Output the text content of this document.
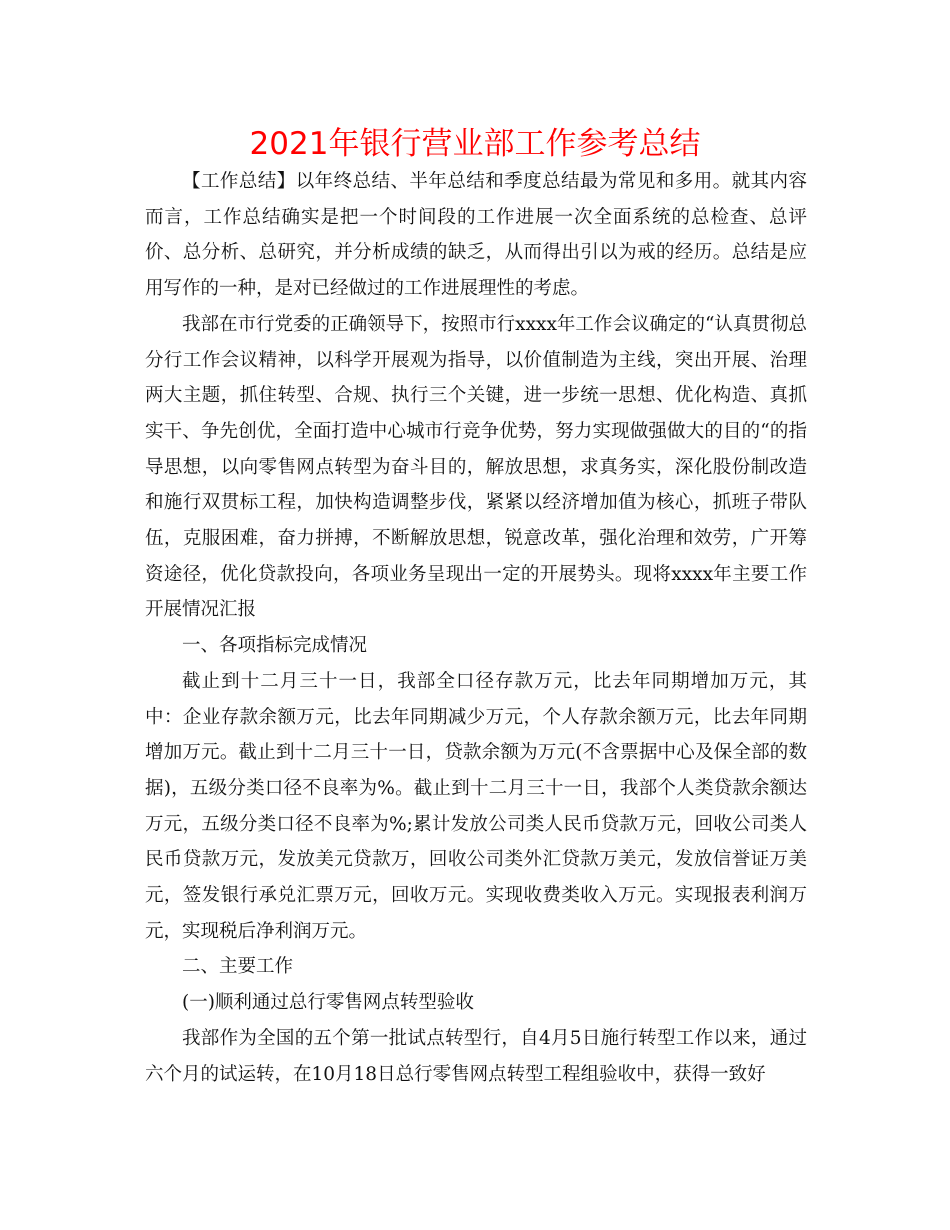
2021年银行营业部工作参考总结

【工作总结】以年终总结、半年总结和季度总结最为常见和多用。就其内容而言，工作总结确实是把一个时间段的工作进展一次全面系统的总检查、总评价、总分析、总研究，并分析成绩的缺乏，从而得出引以为戒的经历。总结是应用写作的一种，是对已经做过的工作进展理性的考虑。

我部在市行党委的正确领导下，按照市行xxxx年工作会议确定的“认真贯彻总分行工作会议精神，以科学开展观为指导，以价值制造为主线，突出开展、治理两大主题，抓住转型、合规、执行三个关键，进一步统一思想、优化构造、真抓实干、争先创优，全面打造中心城市行竞争优势，努力实现做强做大的目的“的指导思想，以向零售网点转型为奋斗目的，解放思想，求真务实，深化股份制改造和施行双贯标工程，加快构造调整步伐，紧紧以经济增加值为核心，抓班子带队伍，克服困难，奋力拼搏，不断解放思想，锐意改革，强化治理和效劳，广开筹资途径，优化贷款投向，各项业务呈现出一定的开展势头。现将xxxx年主要工作开展情况汇报

一、各项指标完成情况

截止到十二月三十一日，我部全口径存款万元，比去年同期增加万元，其中：企业存款余额万元，比去年同期减少万元，个人存款余额万元，比去年同期增加万元。截止到十二月三十一日，贷款余额为万元(不含票据中心及保全部的数据)，五级分类口径不良率为%。截止到十二月三十一日，我部个人类贷款余额达万元，五级分类口径不良率为%;累计发放公司类人民币贷款万元，回收公司类人民币贷款万元，发放美元贷款万，回收公司类外汇贷款万美元，发放信誉证万美元，签发银行承兑汇票万元，回收万元。实现收费类收入万元。实现报表利润万元，实现税后净利润万元。

二、主要工作

(一)顺利通过总行零售网点转型验收

我部作为全国的五个第一批试点转型行，自4月5日施行转型工作以来，通过六个月的试运转，在10月18日总行零售网点转型工程组验收中，获得一致好
